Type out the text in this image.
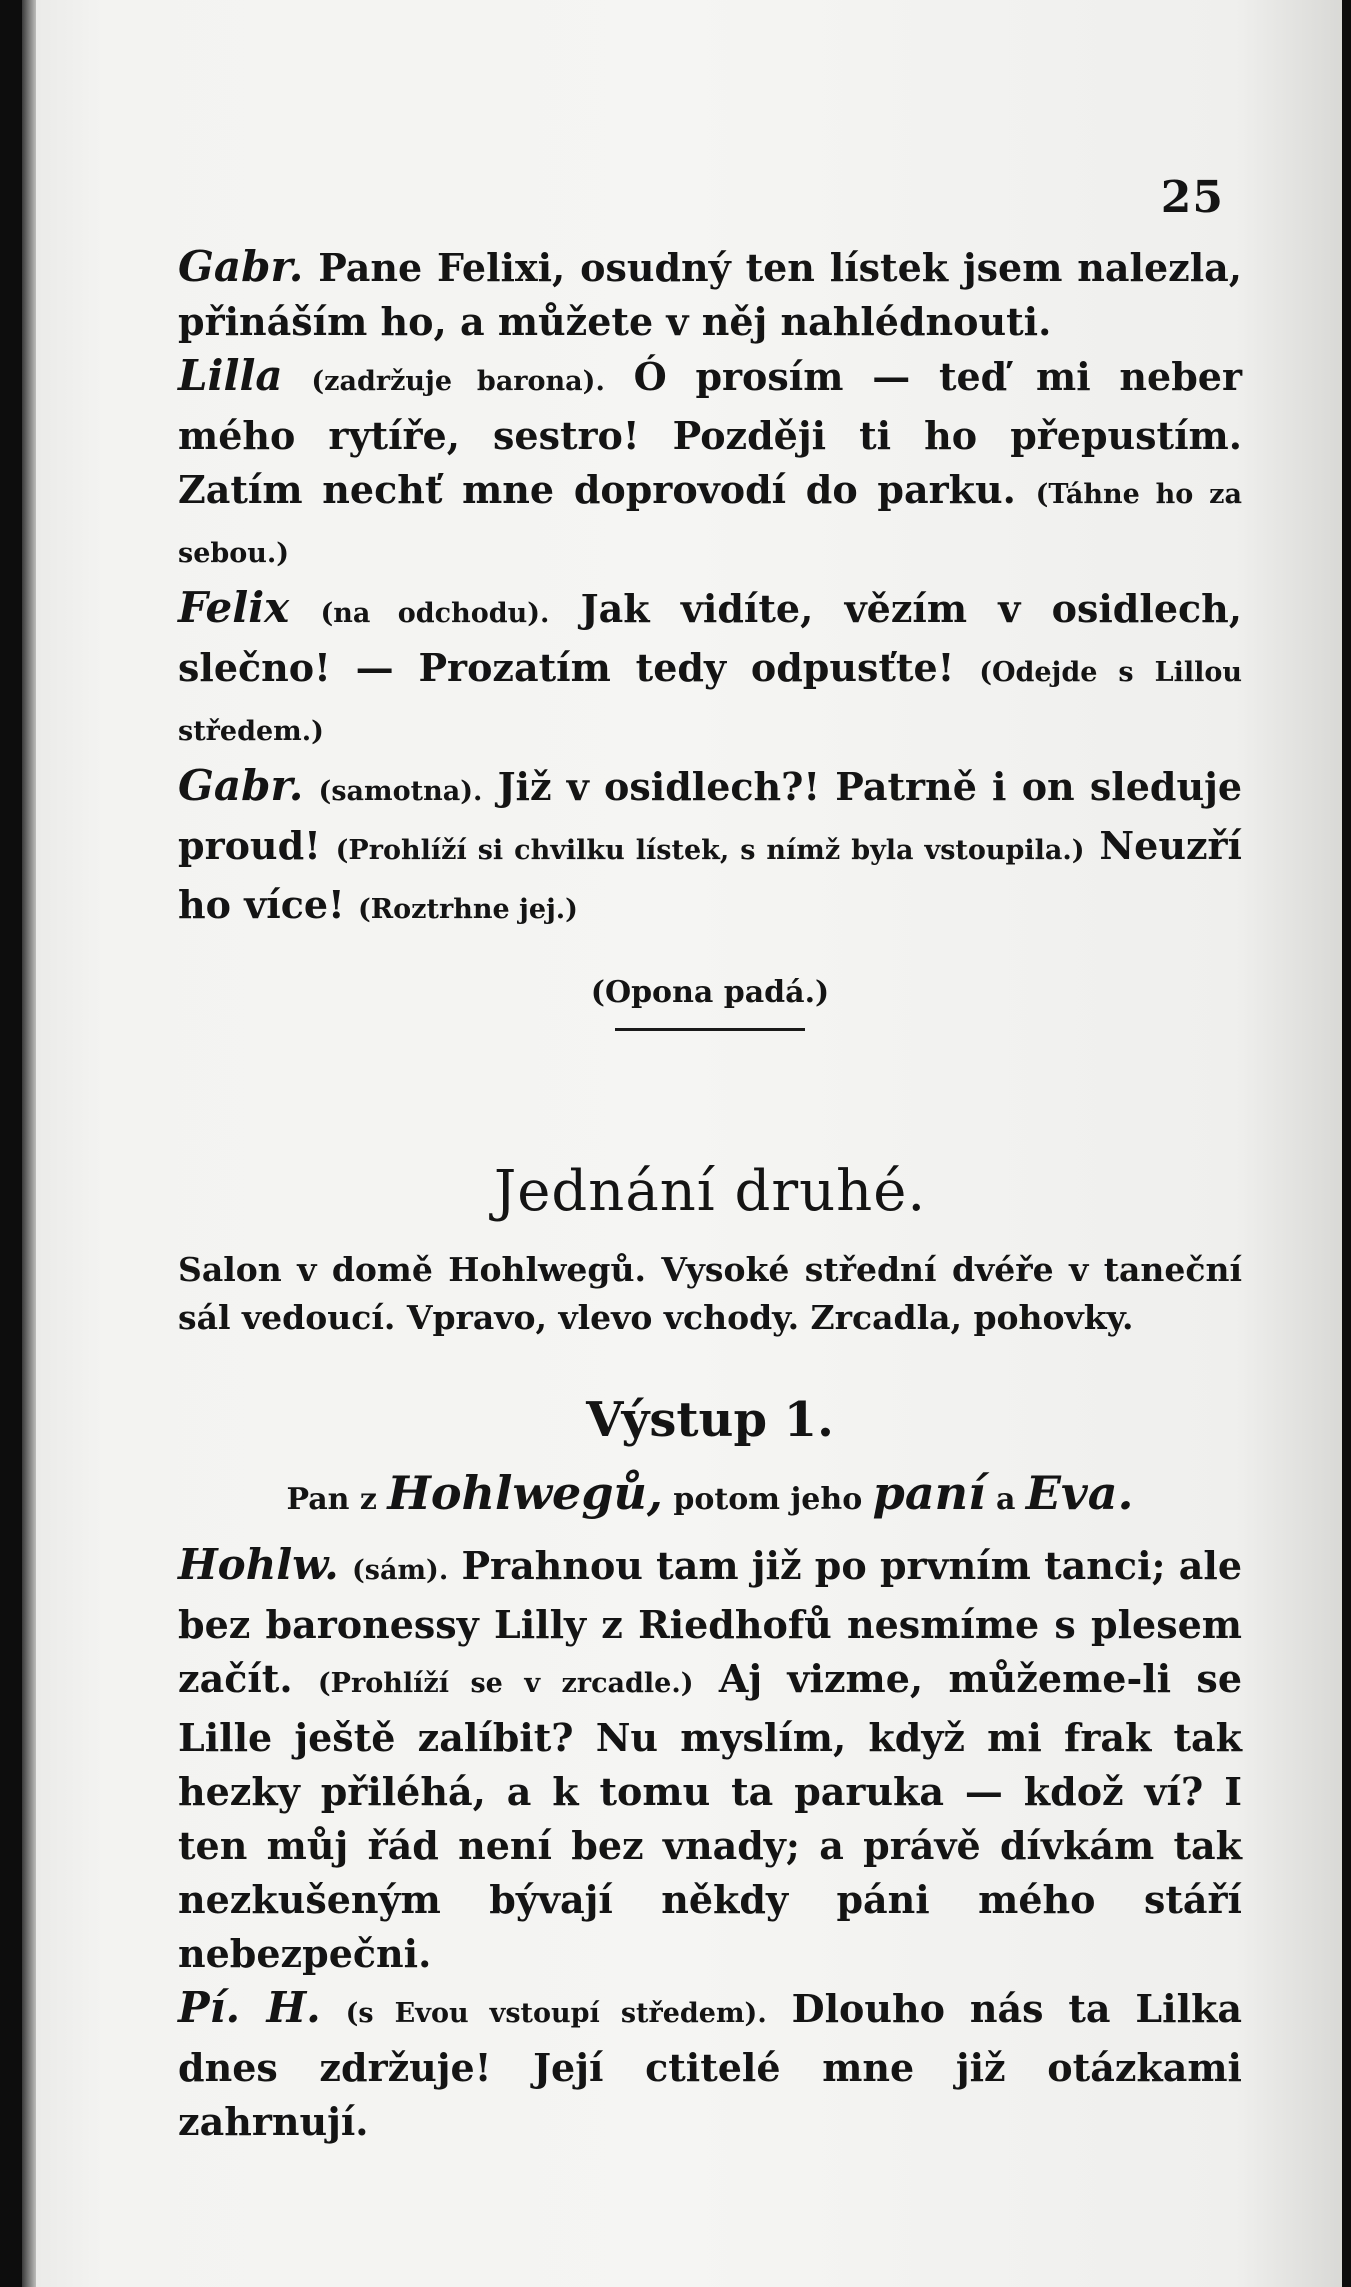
25

Gabr. Pane Felixi, osudný ten lístek jsem nalezla, přináším ho, a můžete v něj nahlédnouti.

Lilla (zadržuje barona). Ó prosím — teď mi neber mého rytíře, sestro! Později ti ho přepustím. Zatím nechť mne doprovodí do parku. (Táhne ho za sebou.)

Felix (na odchodu). Jak vidíte, vězím v osidlech, slečno! — Prozatím tedy odpusťte! (Odejde s Lillou středem.)

Gabr. (samotna). Již v osidlech?! Patrně i on sleduje proud! (Prohlíží si chvilku lístek, s nímž byla vstoupila.) Neuzří ho více! (Roztrhne jej.)

(Opona padá.)

Jednání druhé.

Salon v domě Hohlwegů. Vysoké střední dvéře v taneční sál vedoucí. Vpravo, vlevo vchody. Zrcadla, pohovky.

Výstup 1.

Pan z Hohlwegů, potom jeho paní a Eva.

Hohlw. (sám). Prahnou tam již po prvním tanci; ale bez baronessy Lilly z Riedhofů nesmíme s plesem začít. (Prohlíží se v zrcadle.) Aj vizme, můžeme-li se Lille ještě zalíbit? Nu myslím, když mi frak tak hezky přiléhá, a k tomu ta paruka — kdož ví? I ten můj řád není bez vnady; a právě dívkám tak nezkušeným bývají někdy páni mého stáří nebezpečni.

Pí. H. (s Evou vstoupí středem). Dlouho nás ta Lilka dnes zdržuje! Její ctitelé mne již otázkami zahrnují.
